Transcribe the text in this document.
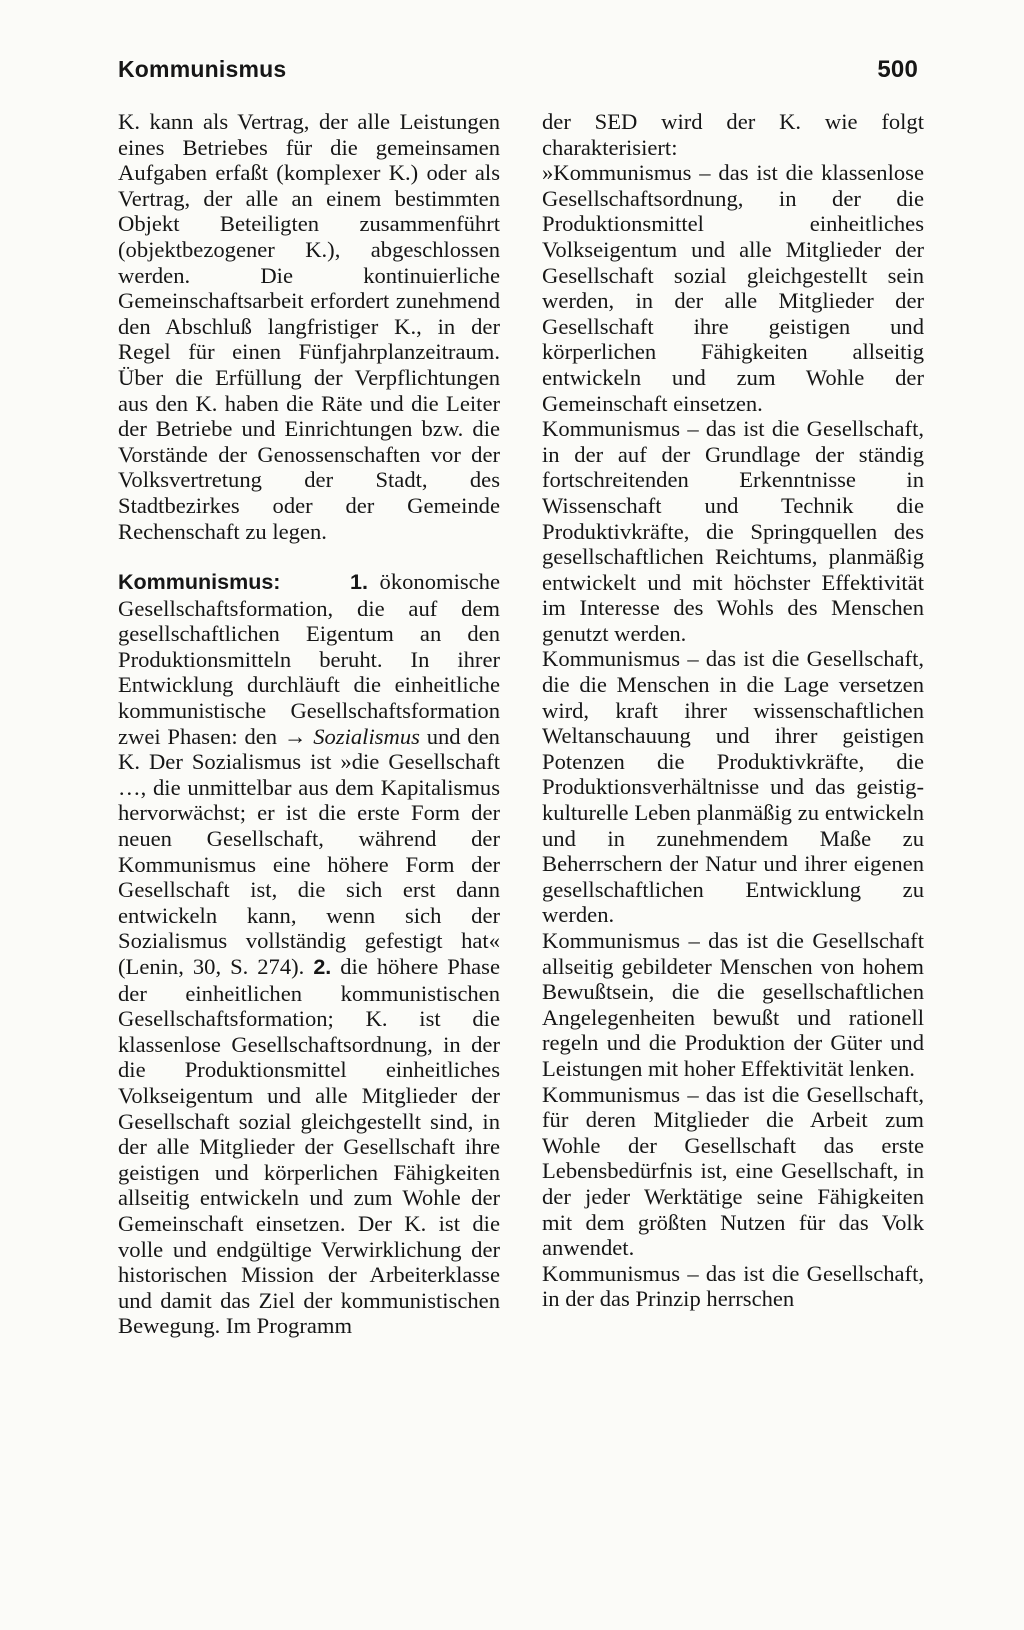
Kommunismus	500

K. kann als Vertrag, der alle Leistungen eines Betriebes für die gemeinsamen Aufgaben erfaßt (komplexer K.) oder als Vertrag, der alle an einem bestimmten Objekt Beteiligten zusammenführt (objektbezogener K.), abgeschlossen werden. Die kontinuierliche Gemeinschaftsarbeit erfordert zunehmend den Abschluß langfristiger K., in der Regel für einen Fünfjahrplanzeitraum. Über die Erfüllung der Verpflichtungen aus den K. haben die Räte und die Leiter der Betriebe und Einrichtungen bzw. die Vorstände der Genossenschaften vor der Volksvertretung der Stadt, des Stadtbezirkes oder der Gemeinde Rechenschaft zu legen.

Kommunismus:	1. ökonomische Gesellschaftsformation, die auf dem gesellschaftlichen Eigentum an den Produktionsmitteln beruht. In ihrer Entwicklung durchläuft die einheitliche kommunistische Gesellschaftsformation zwei Phasen: den → Sozialismus und den K. Der Sozialismus ist »die Gesellschaft …, die unmittelbar aus dem Kapitalismus hervorwächst; er ist die erste Form der neuen Gesellschaft, während der Kommunismus eine höhere Form der Gesellschaft ist, die sich erst dann entwickeln kann, wenn sich der Sozialismus vollständig gefestigt hat« (Lenin, 30, S. 274). 2. die höhere Phase der einheitlichen kommunistischen Gesellschaftsformation; K. ist die klassenlose Gesellschaftsordnung, in der die Produktionsmittel einheitliches Volkseigentum und alle Mitglieder der Gesellschaft sozial gleichgestellt sind, in der alle Mitglieder der Gesellschaft ihre geistigen und körperlichen Fähigkeiten allseitig entwickeln und zum Wohle der Gemeinschaft einsetzen. Der K. ist die volle und endgültige Verwirklichung der historischen Mission der Arbeiterklasse und damit das Ziel der kommunistischen Bewegung. Im Programm

der SED wird der K. wie folgt charakterisiert:

»Kommunismus – das ist die klassenlose Gesellschaftsordnung, in der die Produktionsmittel einheitliches Volkseigentum und alle Mitglieder der Gesellschaft sozial gleichgestellt sein werden, in der alle Mitglieder der Gesellschaft ihre geistigen und körperlichen Fähigkeiten allseitig entwickeln und zum Wohle der Gemeinschaft einsetzen.

Kommunismus – das ist die Gesellschaft, in der auf der Grundlage der ständig fortschreitenden Erkenntnisse in Wissenschaft und Technik die Produktivkräfte, die Springquellen des gesellschaftlichen Reichtums, planmäßig entwickelt und mit höchster Effektivität im Interesse des Wohls des Menschen genutzt werden.

Kommunismus – das ist die Gesellschaft, die die Menschen in die Lage versetzen wird, kraft ihrer wissenschaftlichen Weltanschauung und ihrer geistigen Potenzen die Produktivkräfte, die Produktionsverhältnisse und das geistig-kulturelle Leben planmäßig zu entwickeln und in zunehmendem Maße zu Beherrschern der Natur und ihrer eigenen gesellschaftlichen Entwicklung zu werden.

Kommunismus – das ist die Gesellschaft allseitig gebildeter Menschen von hohem Bewußtsein, die die gesellschaftlichen Angelegenheiten bewußt und rationell regeln und die Produktion der Güter und Leistungen mit hoher Effektivität lenken.

Kommunismus – das ist die Gesellschaft, für deren Mitglieder die Arbeit zum Wohle der Gesellschaft das erste Lebensbedürfnis ist, eine Gesellschaft, in der jeder Werktätige seine Fähigkeiten mit dem größten Nutzen für das Volk anwendet.

Kommunismus – das ist die Gesellschaft, in der das Prinzip herrschen
